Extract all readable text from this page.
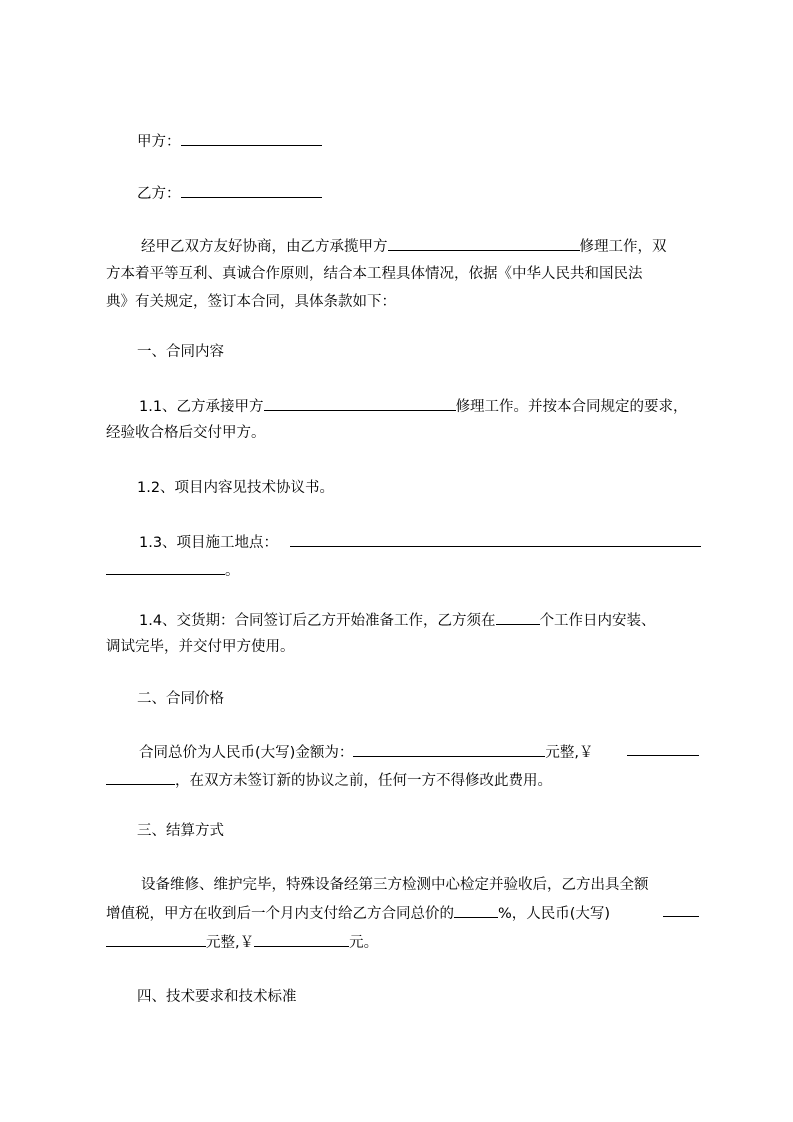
甲方：
乙方：
经甲乙双方友好协商，由乙方承揽甲方	修理工作，双
方本着平等互利、真诚合作原则，结合本工程具体情况，依据《中华人民共和国民法
典》有关规定，签订本合同，具体条款如下：
一、合同内容
1.1、乙方承接甲方	修理工作。并按本合同规定的要求，
经验收合格后交付甲方。
1.2、项目内容见技术协议书。
1.3、项目施工地点：
。
1.4、交货期：合同签订后乙方开始准备工作，乙方须在	个工作日内安装、
调试完毕，并交付甲方使用。
二、合同价格
合同总价为人民币(大写)金额为：	元整,￥
，在双方未签订新的协议之前，任何一方不得修改此费用。
三、结算方式
设备维修、维护完毕，特殊设备经第三方检测中心检定并验收后，乙方出具全额
增值税，甲方在收到后一个月内支付给乙方合同总价的	%，人民币(大写)
元整,￥	元。
四、技术要求和技术标准
